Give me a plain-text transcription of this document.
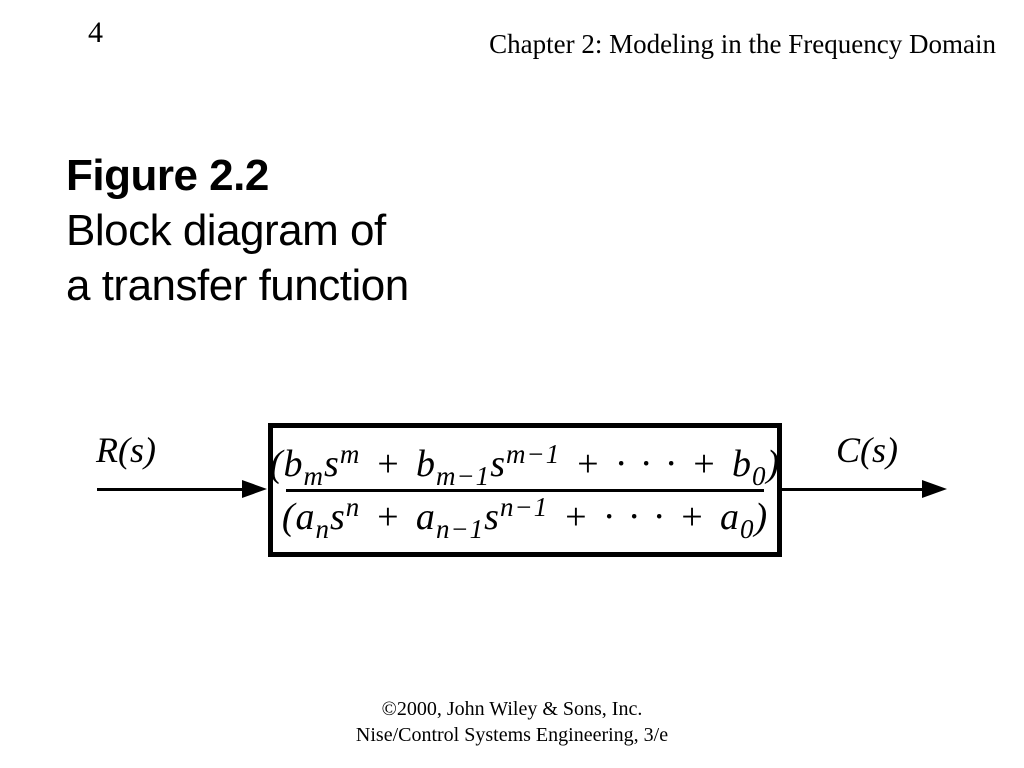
4	Chapter 2: Modeling in the Frequency Domain
Figure 2.2
Block diagram of
a transfer function
R(s)	($b_ms^m + b_{m-1}s^{m-1}$ + · · · + $b_0$)
($a_ns^n + a_{n-1}s^{n-1}$ + · · · + $a_0$)
C(s)
©2000, John Wiley & Sons, Inc.
Nise/Control Systems Engineering, 3/e
